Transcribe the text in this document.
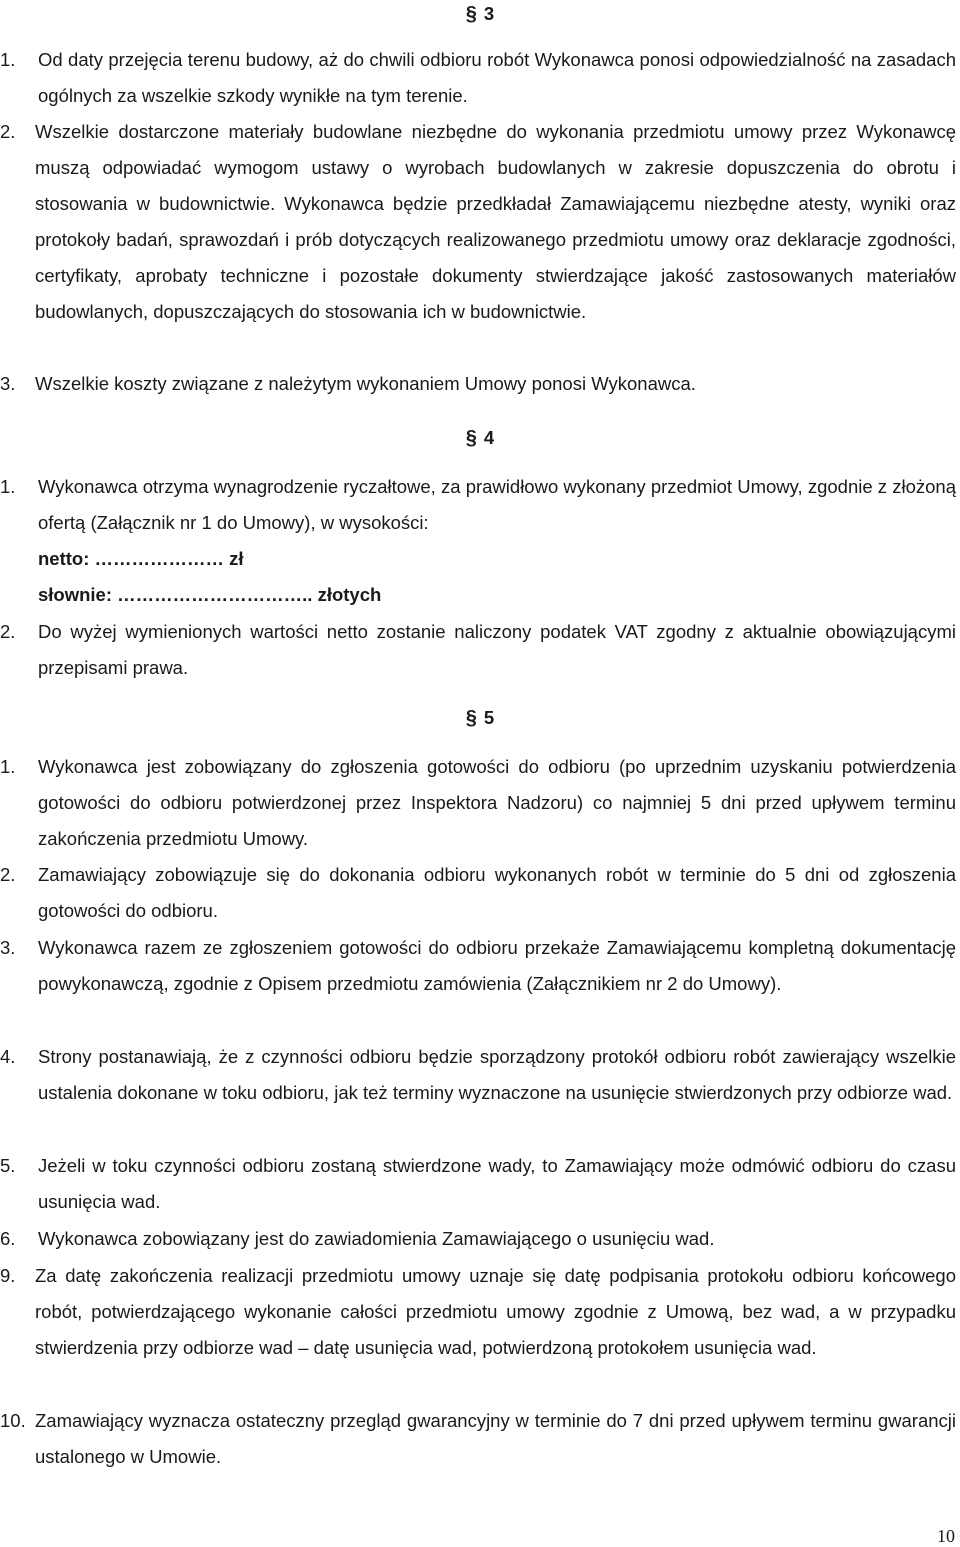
§ 3
1.	Od daty przejęcia terenu budowy, aż do chwili odbioru robót Wykonawca ponosi odpowiedzialność na zasadach ogólnych za wszelkie szkody wynikłe na tym terenie.
2.	Wszelkie dostarczone materiały budowlane niezbędne do wykonania przedmiotu umowy przez Wykonawcę muszą odpowiadać wymogom ustawy o wyrobach budowlanych w zakresie dopuszczenia do obrotu i stosowania w budownictwie. Wykonawca będzie przedkładał Zamawiającemu niezbędne atesty, wyniki oraz protokoły badań, sprawozdań i prób dotyczących realizowanego przedmiotu umowy oraz deklaracje zgodności, certyfikaty, aprobaty techniczne i pozostałe dokumenty stwierdzające jakość zastosowanych materiałów budowlanych, dopuszczających do stosowania ich w budownictwie.
3.	Wszelkie koszty związane z należytym wykonaniem Umowy ponosi Wykonawca.
§ 4
1.	Wykonawca otrzyma wynagrodzenie ryczałtowe, za prawidłowo wykonany przedmiot Umowy, zgodnie z złożoną ofertą (Załącznik nr 1 do Umowy), w wysokości:
netto: ………………… zł
słownie: ………………………….. złotych
2.	Do wyżej wymienionych wartości netto zostanie naliczony podatek VAT zgodny z aktualnie obowiązującymi przepisami prawa.
§ 5
1.	Wykonawca jest zobowiązany do zgłoszenia gotowości do odbioru (po uprzednim uzyskaniu potwierdzenia gotowości do odbioru potwierdzonej przez Inspektora Nadzoru) co najmniej 5 dni przed upływem terminu zakończenia przedmiotu Umowy.
2.	Zamawiający zobowiązuje się do dokonania odbioru wykonanych robót w terminie do 5 dni od zgłoszenia gotowości do odbioru.
3.	Wykonawca razem ze zgłoszeniem gotowości do odbioru przekaże Zamawiającemu kompletną dokumentację powykonawczą, zgodnie z Opisem przedmiotu zamówienia (Załącznikiem nr 2 do Umowy).
4.	Strony postanawiają, że z czynności odbioru będzie sporządzony protokół odbioru robót zawierający wszelkie ustalenia dokonane w toku odbioru, jak też terminy wyznaczone na usunięcie stwierdzonych przy odbiorze wad.
5.	Jeżeli w toku czynności odbioru zostaną stwierdzone wady, to Zamawiający może odmówić odbioru do czasu usunięcia wad.
6.	Wykonawca zobowiązany jest do zawiadomienia Zamawiającego o usunięciu wad.
9.	Za datę zakończenia realizacji przedmiotu umowy uznaje się datę podpisania protokołu odbioru końcowego robót, potwierdzającego wykonanie całości przedmiotu umowy zgodnie z Umową, bez wad, a w przypadku stwierdzenia przy odbiorze wad – datę usunięcia wad, potwierdzoną protokołem usunięcia wad.
10. Zamawiający wyznacza ostateczny przegląd gwarancyjny w terminie do 7 dni przed upływem terminu gwarancji ustalonego w Umowie.
10
